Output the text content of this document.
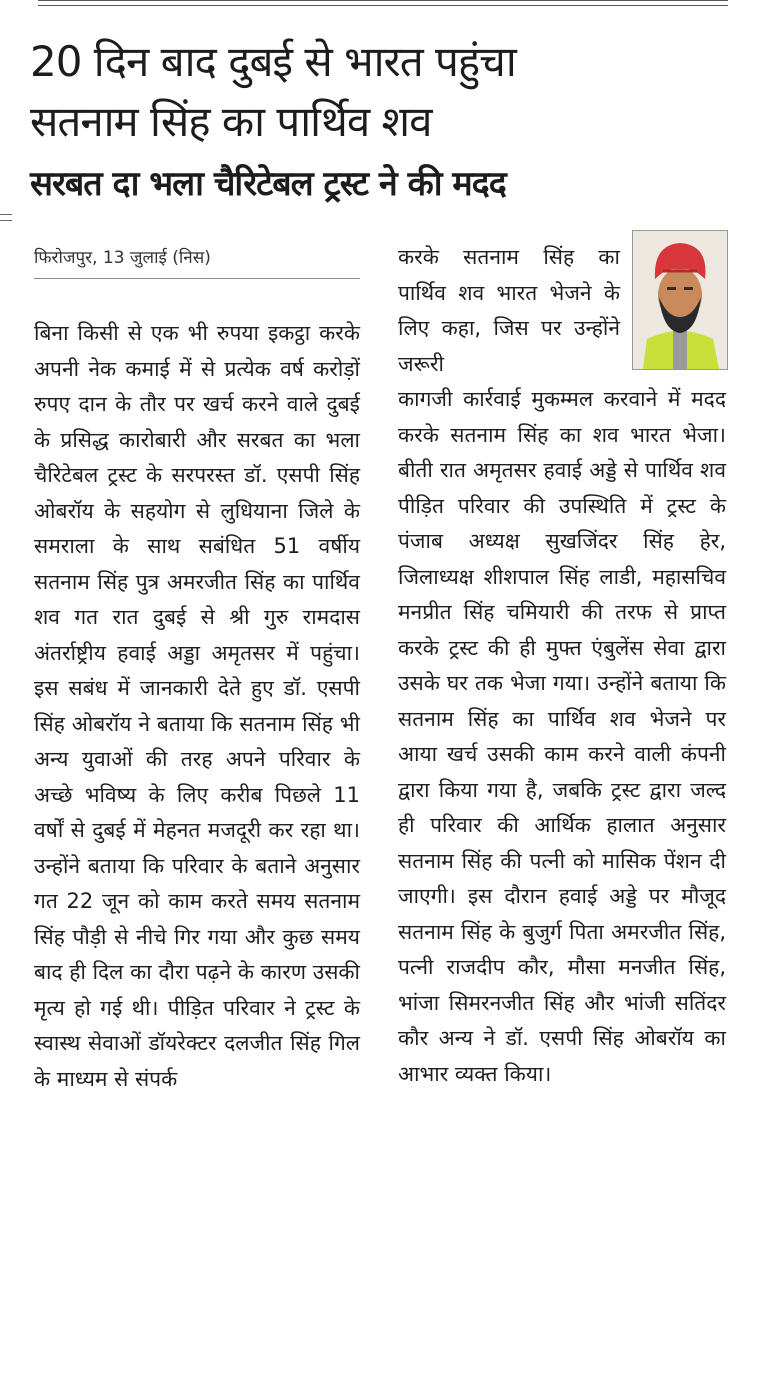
20 दिन बाद दुबई से भारत पहुंचा
सतनाम सिंह का पार्थिव शव
सरबत दा भला चैरिटेबल ट्रस्ट ने की मदद
फिरोजपुर, 13 जुलाई (निस)

बिना किसी से एक भी रुपया इकट्ठा करके अपनी नेक कमाई में से प्रत्येक वर्ष करोड़ों रुपए दान के तौर पर खर्च करने वाले दुबई के प्रसिद्ध कारोबारी और सरबत का भला चैरिटेबल ट्रस्ट के सरपरस्त डॉ. एसपी सिंह ओबरॉय के सहयोग से लुधियाना जिले के समराला के साथ सबंधित 51 वर्षीय सतनाम सिंह पुत्र अमरजीत सिंह का पार्थिव शव गत रात दुबई से श्री गुरु रामदास अंतर्राष्ट्रीय हवाई अड्डा अमृतसर में पहुंचा। इस सबंध में जानकारी देते हुए डॉ. एसपी सिंह ओबरॉय ने बताया कि सतनाम सिंह भी अन्य युवाओं की तरह अपने परिवार के अच्छे भविष्य के लिए करीब पिछले 11 वर्षों से दुबई में मेहनत मजदूरी कर रहा था। उन्होंने बताया कि परिवार के बताने अनुसार गत 22 जून को काम करते समय सतनाम सिंह पौड़ी से नीचे गिर गया और कुछ समय बाद ही दिल का दौरा पढ़ने के कारण उसकी मृत्य हो गई थी। पीड़ित परिवार ने ट्रस्ट के स्वास्थ सेवाओं डॉयरेक्टर दलजीत सिंह गिल के माध्यम से संपर्क

करके सतनाम सिंह का पार्थिव शव भारत भेजने के लिए कहा, जिस पर उन्होंने जरूरी

कागजी कार्रवाई मुकम्मल करवाने में मदद करके सतनाम सिंह का शव भारत भेजा। बीती रात अमृतसर हवाई अड्डे से पार्थिव शव पीड़ित परिवार की उपस्थिति में ट्रस्ट के पंजाब अध्यक्ष सुखजिंदर सिंह हेर, जिलाध्यक्ष शीशपाल सिंह लाडी, महासचिव मनप्रीत सिंह चमियारी की तरफ से प्राप्त करके ट्रस्ट की ही मुफ्त एंबुलेंस सेवा द्वारा उसके घर तक भेजा गया। उन्होंने बताया कि सतनाम सिंह का पार्थिव शव भेजने पर आया खर्च उसकी काम करने वाली कंपनी द्वारा किया गया है, जबकि ट्रस्ट द्वारा जल्द ही परिवार की आर्थिक हालात अनुसार सतनाम सिंह की पत्नी को मासिक पेंशन दी जाएगी। इस दौरान हवाई अड्डे पर मौजूद सतनाम सिंह के बुजुर्ग पिता अमरजीत सिंह, पत्नी राजदीप कौर, मौसा मनजीत सिंह, भांजा सिमरनजीत सिंह और भांजी सतिंदर कौर अन्य ने डॉ. एसपी सिंह ओबरॉय का आभार व्यक्त किया।
